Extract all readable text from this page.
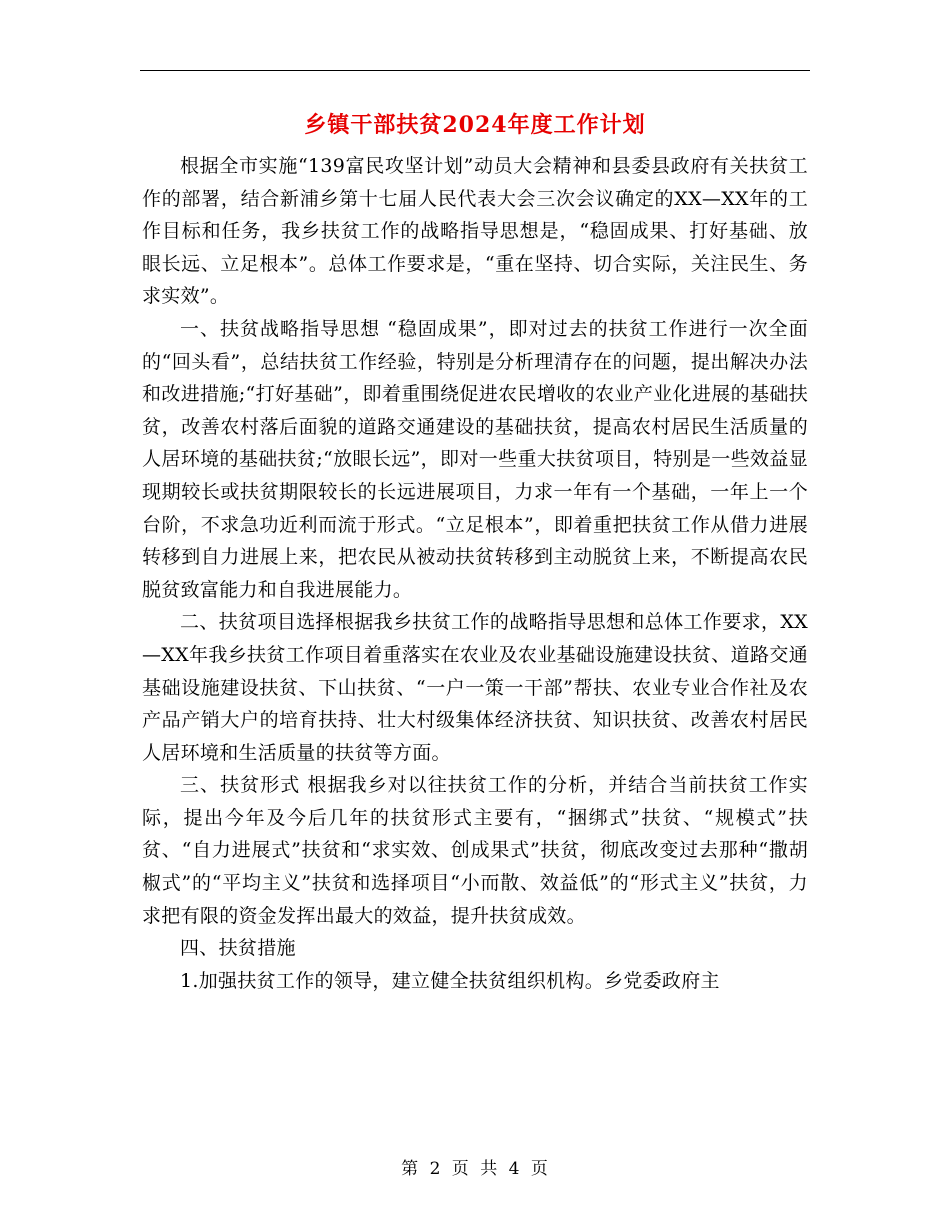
乡镇干部扶贫2024年度工作计划

根据全市实施“139富民攻坚计划”动员大会精神和县委县政府有关扶贫工作的部署，结合新浦乡第十七届人民代表大会三次会议确定的XX—XX年的工作目标和任务，我乡扶贫工作的战略指导思想是，“稳固成果、打好基础、放眼长远、立足根本”。总体工作要求是，“重在坚持、切合实际，关注民生、务求实效”。

一、扶贫战略指导思想 “稳固成果”，即对过去的扶贫工作进行一次全面的“回头看”，总结扶贫工作经验，特别是分析理清存在的问题，提出解决办法和改进措施;“打好基础”，即着重围绕促进农民增收的农业产业化进展的基础扶贫，改善农村落后面貌的道路交通建设的基础扶贫，提高农村居民生活质量的人居环境的基础扶贫;“放眼长远”，即对一些重大扶贫项目，特别是一些效益显现期较长或扶贫期限较长的长远进展项目，力求一年有一个基础，一年上一个台阶，不求急功近利而流于形式。“立足根本”，即着重把扶贫工作从借力进展转移到自力进展上来，把农民从被动扶贫转移到主动脱贫上来，不断提高农民脱贫致富能力和自我进展能力。

二、扶贫项目选择根据我乡扶贫工作的战略指导思想和总体工作要求，XX—XX年我乡扶贫工作项目着重落实在农业及农业基础设施建设扶贫、道路交通基础设施建设扶贫、下山扶贫、“一户一策一干部”帮扶、农业专业合作社及农产品产销大户的培育扶持、壮大村级集体经济扶贫、知识扶贫、改善农村居民人居环境和生活质量的扶贫等方面。

三、扶贫形式 根据我乡对以往扶贫工作的分析，并结合当前扶贫工作实际，提出今年及今后几年的扶贫形式主要有，“捆绑式”扶贫、“规模式”扶贫、“自力进展式”扶贫和“求实效、创成果式”扶贫，彻底改变过去那种“撒胡椒式”的“平均主义”扶贫和选择项目“小而散、效益低”的“形式主义”扶贫，力求把有限的资金发挥出最大的效益，提升扶贫成效。

四、扶贫措施

1.加强扶贫工作的领导，建立健全扶贫组织机构。乡党委政府主

第 2 页 共 4 页
